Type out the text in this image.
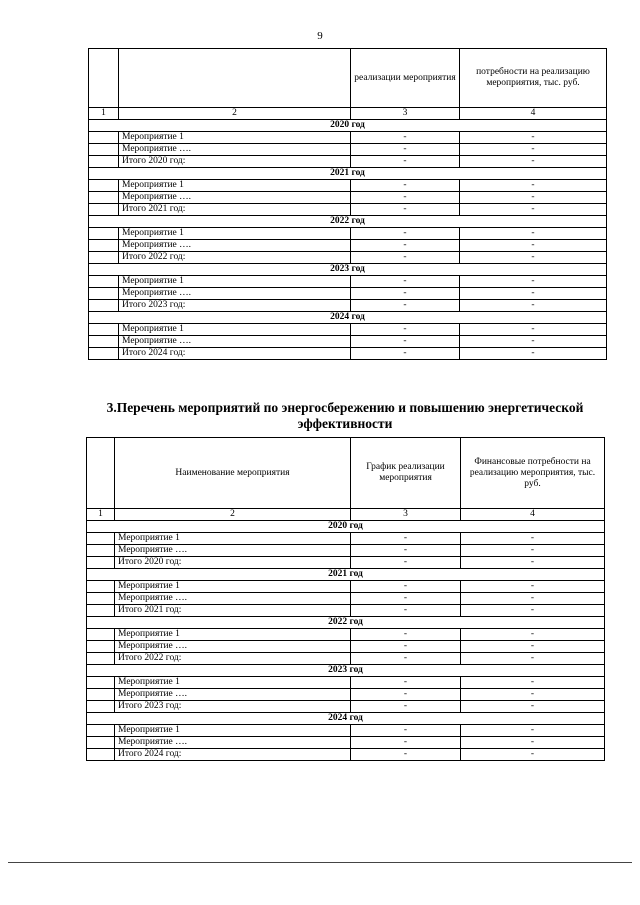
9
		реализации мероприятия	потребности на реализацию мероприятия, тыс. руб.
1	2	3	4
2020 год			
	Мероприятие 1	-	-
	Мероприятие ….	-	-
	Итого 2020 год:	-	-
2021 год			
	Мероприятие 1	-	-
	Мероприятие ….	-	-
	Итого 2021 год:	-	-
2022 год			
	Мероприятие 1	-	-
	Мероприятие ….	-	-
	Итого 2022 год:	-	-
2023 год			
	Мероприятие 1	-	-
	Мероприятие ….	-	-
	Итого 2023 год:	-	-
2024 год			
	Мероприятие 1	-	-
	Мероприятие ….	-	-
	Итого 2024 год:	-	-
3.Перечень мероприятий по энергосбережению и повышению энергетической эффективности
	Наименование мероприятия	График реализации мероприятия	Финансовые потребности на реализацию мероприятия, тыс. руб.
1	2	3	4
2020 год			
	Мероприятие 1	-	-
	Мероприятие ….	-	-
	Итого 2020 год:	-	-
2021 год			
	Мероприятие 1	-	-
	Мероприятие ….	-	-
	Итого 2021 год:	-	-
2022 год			
	Мероприятие 1	-	-
	Мероприятие ….	-	-
	Итого 2022 год:	-	-
2023 год			
	Мероприятие 1	-	-
	Мероприятие ….	-	-
	Итого 2023 год:	-	-
2024 год			
	Мероприятие 1	-	-
	Мероприятие ….	-	-
	Итого 2024 год:	-	-
